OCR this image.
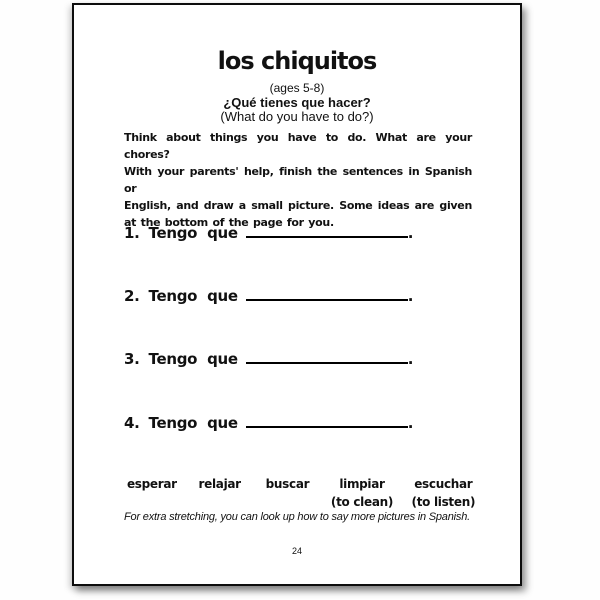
los chiquitos
(ages 5-8)
¿Qué tienes que hacer?
(What do you have to do?)
Think about things you have to do. What are your chores?
With your parents' help, finish the sentences in Spanish or
English, and draw a small picture. Some ideas are given
at the bottom of the page for you.
1. Tengo que	.
2. Tengo que	.
3. Tengo que	.
4. Tengo que	.
esperar	relajar	buscar	limpiar	escuchar
(to clean)	(to listen)
For extra stretching, you can look up how to say more pictures in Spanish.
24
